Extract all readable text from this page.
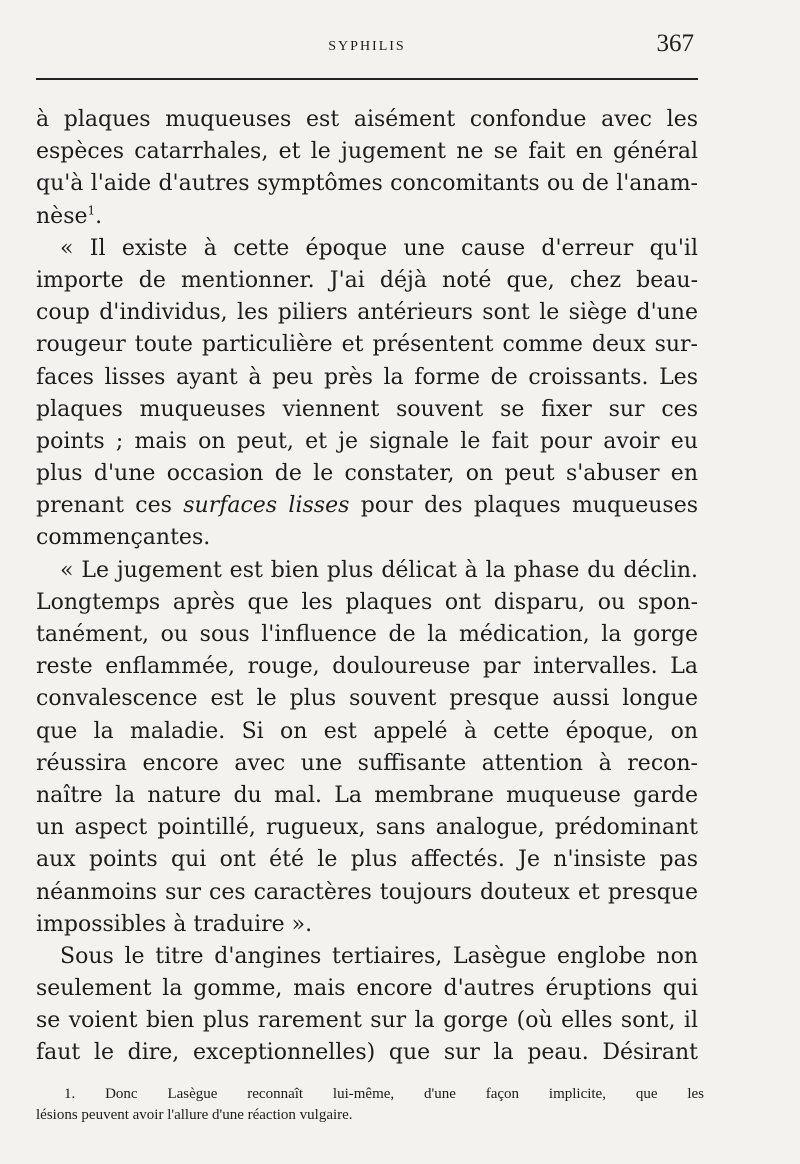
SYPHILIS	367
à plaques muqueuses est aisément confondue avec les
espèces catarrhales, et le jugement ne se fait en général
qu'à l'aide d'autres symptômes concomitants ou de l'anam-
nèse$^1$.
« Il existe à cette époque une cause d'erreur qu'il
importe de mentionner. J'ai déjà noté que, chez beau-
coup d'individus, les piliers antérieurs sont le siège d'une
rougeur toute particulière et présentent comme deux sur-
faces lisses ayant à peu près la forme de croissants. Les
plaques muqueuses viennent souvent se fixer sur ces
points ; mais on peut, et je signale le fait pour avoir eu
plus d'une occasion de le constater, on peut s'abuser en
prenant ces surfaces lisses pour des plaques muqueuses
commençantes.
« Le jugement est bien plus délicat à la phase du déclin.
Longtemps après que les plaques ont disparu, ou spon-
tanément, ou sous l'influence de la médication, la gorge
reste enflammée, rouge, douloureuse par intervalles. La
convalescence est le plus souvent presque aussi longue
que la maladie. Si on est appelé à cette époque, on
réussira encore avec une suffisante attention à recon-
naître la nature du mal. La membrane muqueuse garde
un aspect pointillé, rugueux, sans analogue, prédominant
aux points qui ont été le plus affectés. Je n'insiste pas
néanmoins sur ces caractères toujours douteux et presque
impossibles à traduire ».
Sous le titre d'angines tertiaires, Lasègue englobe non
seulement la gomme, mais encore d'autres éruptions qui
se voient bien plus rarement sur la gorge (où elles sont, il
faut le dire, exceptionnelles) que sur la peau. Désirant
1. Donc Lasègue reconnaît lui-même, d'une façon implicite, que les
lésions peuvent avoir l'allure d'une réaction vulgaire.
